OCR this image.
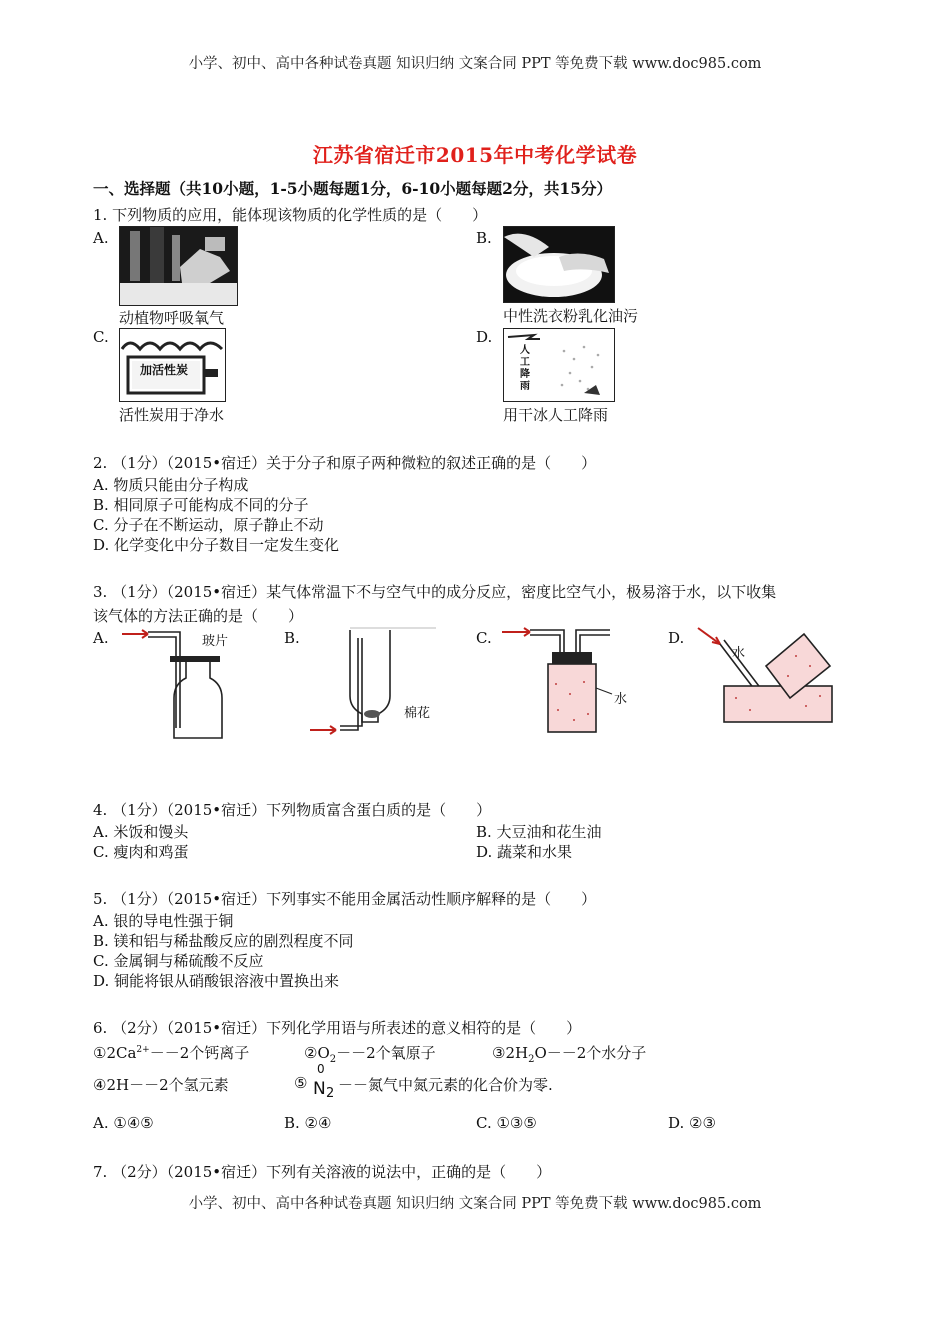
小学、初中、高中各种试卷真题 知识归纳 文案合同 PPT 等免费下载 www.doc985.com
江苏省宿迁市2015年中考化学试卷
一、选择题（共10小题，1-5小题每题1分，6-10小题每题2分，共15分）
1. 下列物质的应用，能体现该物质的化学性质的是（　　）
A.	B.
C.	D.
动植物呼吸氧气	中性洗衣粉乳化油污
加活性炭
活性炭用于净水
人
工
降
雨
用干冰人工降雨
2. （1分）（2015•宿迁）关于分子和原子两种微粒的叙述正确的是（　　）
A. 物质只能由分子构成
B. 相同原子可能构成不同的分子
C. 分子在不断运动，原子静止不动
D. 化学变化中分子数目一定发生变化
3. （1分）（2015•宿迁）某气体常温下不与空气中的成分反应，密度比空气小，极易溶于水，以下收集
该气体的方法正确的是（　　）
A.	B.	C.	D.
玻片
棉花
水
水
4. （1分）（2015•宿迁）下列物质富含蛋白质的是（　　）
A. 米饭和馒头	B. 大豆油和花生油
C. 瘦肉和鸡蛋	D. 蔬菜和水果
5. （1分）（2015•宿迁）下列事实不能用金属活动性顺序解释的是（　　）
A. 银的导电性强于铜
B. 镁和铝与稀盐酸反应的剧烈程度不同
C. 金属铜与稀硫酸不反应
D. 铜能将银从硝酸银溶液中置换出来
6. （2分）（2015•宿迁）下列化学用语与所表述的意义相符的是（　　）
$①2Ca^{2+}--2$个钙离子	$②O_2--2$个氧原子	$③2H_2O--2$个水分子
④2H－－2个氢元素	⑤
0
N 2 －－氮气中氮元素的化合价为零.
A. ①④⑤	B. ②④	C. ①③⑤	D. ②③
7. （2分）（2015•宿迁）下列有关溶液的说法中，正确的是（　　）
小学、初中、高中各种试卷真题 知识归纳 文案合同 PPT 等免费下载 www.doc985.com
